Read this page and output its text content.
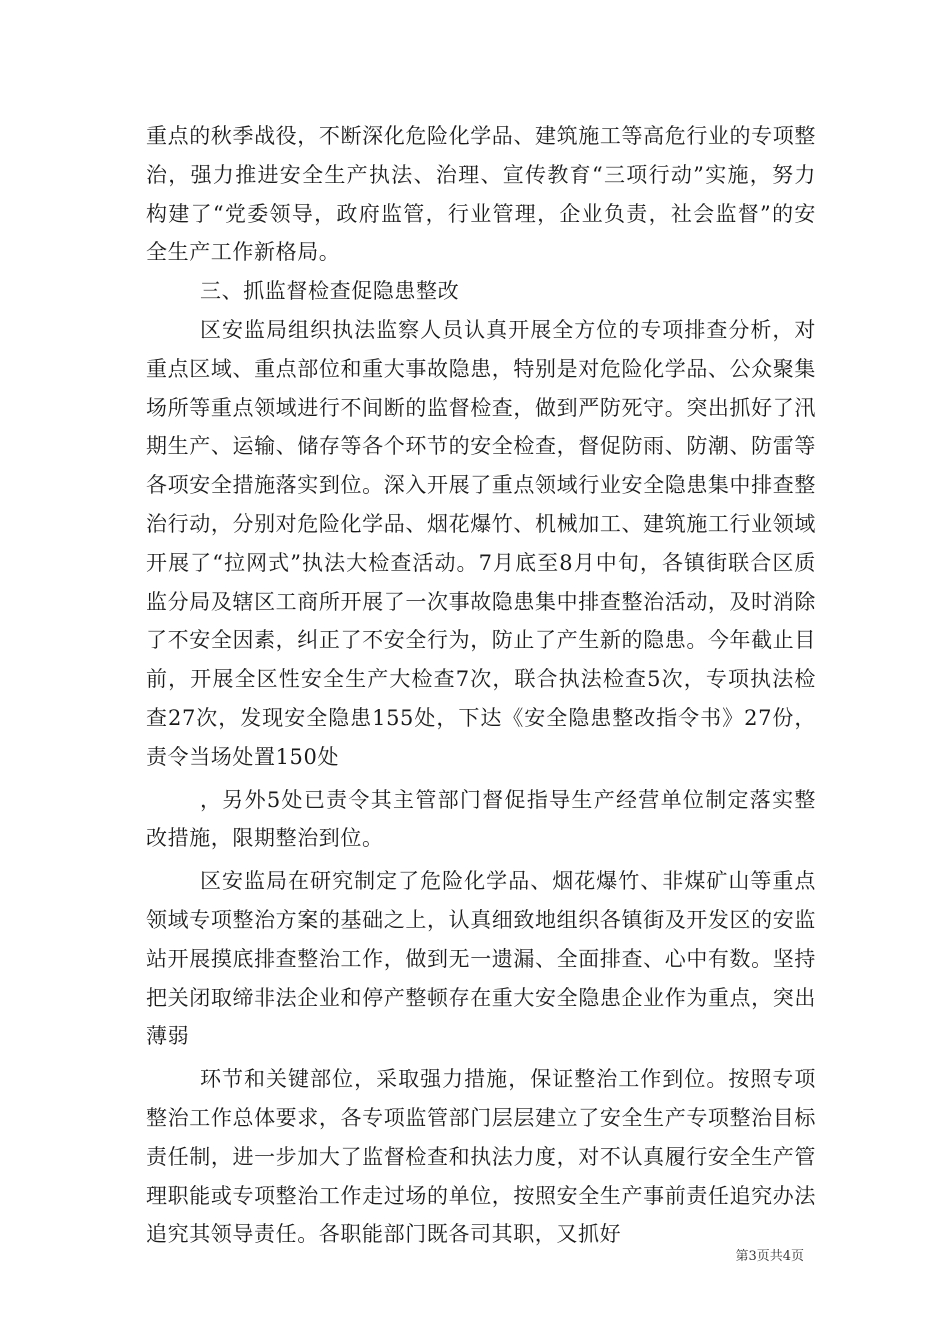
重点的秋季战役，不断深化危险化学品、建筑施工等高危行业的专项整治，强力推进安全生产执法、治理、宣传教育“三项行动”实施，努力构建了“党委领导，政府监管，行业管理，企业负责，社会监督”的安全生产工作新格局。

三、抓监督检查促隐患整改

区安监局组织执法监察人员认真开展全方位的专项排查分析，对重点区域、重点部位和重大事故隐患，特别是对危险化学品、公众聚集场所等重点领域进行不间断的监督检查，做到严防死守。突出抓好了汛期生产、运输、储存等各个环节的安全检查，督促防雨、防潮、防雷等各项安全措施落实到位。深入开展了重点领域行业安全隐患集中排查整治行动，分别对危险化学品、烟花爆竹、机械加工、建筑施工行业领域开展了“拉网式”执法大检查活动。7月底至8月中旬，各镇街联合区质监分局及辖区工商所开展了一次事故隐患集中排查整治活动，及时消除了不安全因素，纠正了不安全行为，防止了产生新的隐患。今年截止目前，开展全区性安全生产大检查7次，联合执法检查5次，专项执法检查27次，发现安全隐患155处，下达《安全隐患整改指令书》27份，责令当场处置150处

，另外5处已责令其主管部门督促指导生产经营单位制定落实整改措施，限期整治到位。

区安监局在研究制定了危险化学品、烟花爆竹、非煤矿山等重点领域专项整治方案的基础之上，认真细致地组织各镇街及开发区的安监站开展摸底排查整治工作，做到无一遗漏、全面排查、心中有数。坚持把关闭取缔非法企业和停产整顿存在重大安全隐患企业作为重点，突出薄弱

环节和关键部位，采取强力措施，保证整治工作到位。按照专项整治工作总体要求，各专项监管部门层层建立了安全生产专项整治目标责任制，进一步加大了监督检查和执法力度，对不认真履行安全生产管理职能或专项整治工作走过场的单位，按照安全生产事前责任追究办法追究其领导责任。各职能部门既各司其职，又抓好

第3页共4页
